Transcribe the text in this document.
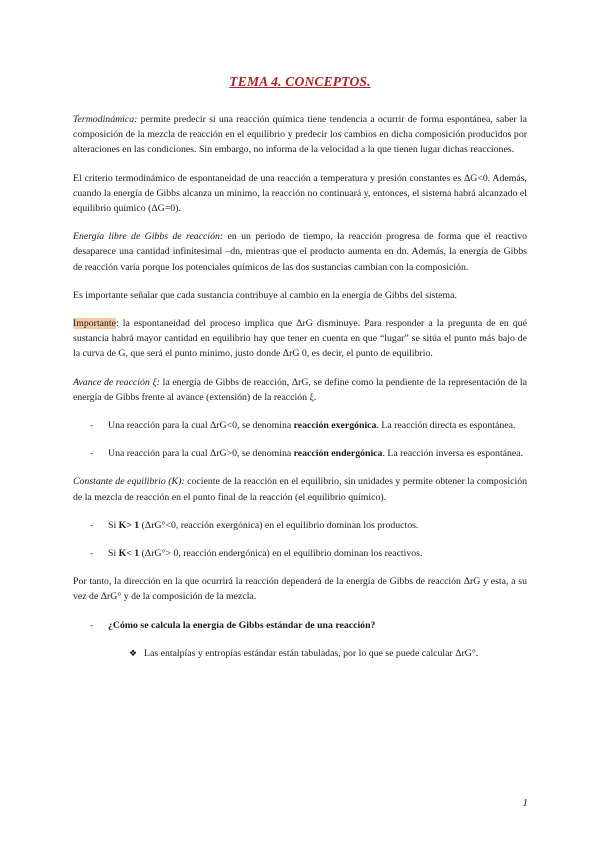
TEMA 4. CONCEPTOS.

Termodinámica: permite predecir si una reacción química tiene tendencia a ocurrir de forma espontánea, saber la composición de la mezcla de reacción en el equilibrio y predecir los cambios en dicha composición producidos por alteraciones en las condiciones. Sin embargo, no informa de la velocidad a la que tienen lugar dichas reacciones.

El criterio termodinámico de espontaneidad de una reacción a temperatura y presión constantes es ΔG<0. Además, cuando la energía de Gibbs alcanza un mínimo, la reacción no continuará y, entonces, el sistema habrá alcanzado el equilibrio químico (ΔG=0).

Energía libre de Gibbs de reacción: en un periodo de tiempo, la reacción progresa de forma que el reactivo desaparece una cantidad infinitesimal –dn, mientras que el producto aumenta en dn. Además, la energía de Gibbs de reacción varía porque los potenciales químicos de las dos sustancias cambian con la composición.

Es importante señalar que cada sustancia contribuye al cambio en la energía de Gibbs del sistema.

Importante: la espontaneidad del proceso implica que ΔrG disminuye. Para responder a la pregunta de en qué sustancia habrá mayor cantidad en equilibrio hay que tener en cuenta en que “lugar” se sitúa el punto más bajo de la curva de G, que será el punto mínimo, justo donde ΔrG 0, es decir, el punto de equilibrio.

Avance de reacción ξ: la energía de Gibbs de reacción, ΔrG, se define como la pendiente de la representación de la energía de Gibbs frente al avance (extensión) de la reacción ξ.

- Una reacción para la cual ΔrG<0, se denomina reacción exergónica. La reacción directa es espontánea.

- Una reacción para la cual ΔrG>0, se denomina reacción endergónica. La reacción inversa es espontánea.

Constante de equilibrio (K): cociente de la reacción en el equilibrio, sin unidades y permite obtener la composición de la mezcla de reacción en el punto final de la reacción (el equilibrio químico).

- Si K> 1 (ΔrG°<0, reacción exergónica) en el equilibrio dominan los productos.

- Si K< 1 (ΔrG°> 0, reacción endergónica) en el equilibrio dominan los reactivos.

Por tanto, la dirección en la que ocurrirá la reacción dependerá de la energía de Gibbs de reacción ΔrG y esta, a su vez de ΔrG° y de la composición de la mezcla.

- ¿Cómo se calcula la energía de Gibbs estándar de una reacción?

❖ Las entalpías y entropías estándar están tabuladas, por lo que se puede calcular ΔrG°.

1
